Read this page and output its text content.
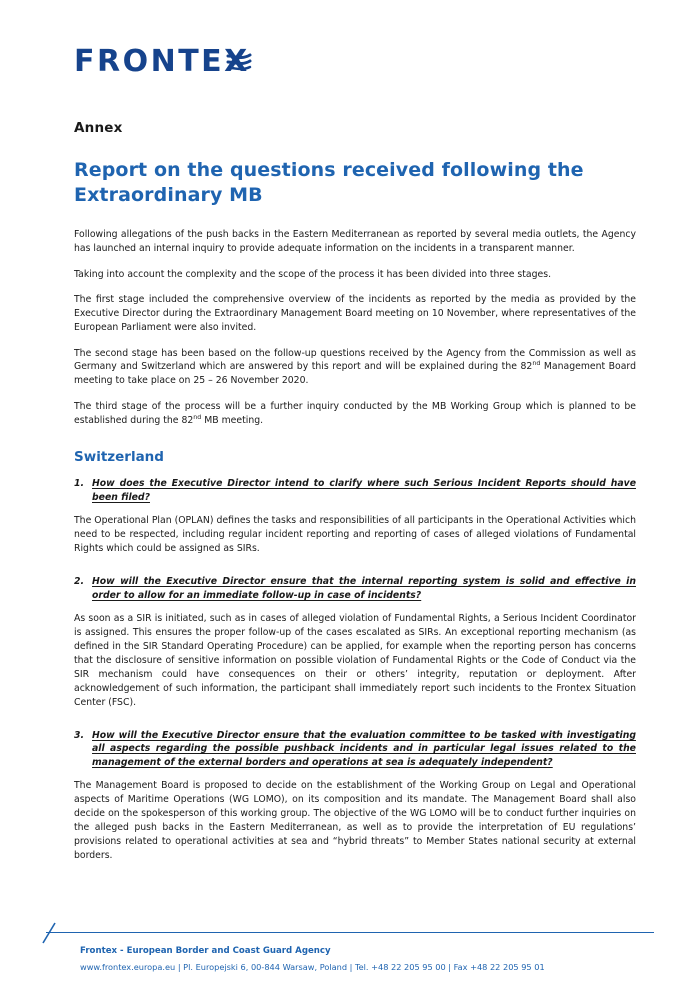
FRONTEX
Annex
Report on the questions received following the Extraordinary MB

Following allegations of the push backs in the Eastern Mediterranean as reported by several media outlets, the Agency has launched an internal inquiry to provide adequate information on the incidents in a transparent manner.

Taking into account the complexity and the scope of the process it has been divided into three stages.

The first stage included the comprehensive overview of the incidents as reported by the media as provided by the Executive Director during the Extraordinary Management Board meeting on 10 November, where representatives of the European Parliament were also invited.

The second stage has been based on the follow-up questions received by the Agency from the Commission as well as Germany and Switzerland which are answered by this report and will be explained during the 82nd Management Board meeting to take place on 25 – 26 November 2020.

The third stage of the process will be a further inquiry conducted by the MB Working Group which is planned to be established during the 82nd MB meeting.

Switzerland
1. How does the Executive Director intend to clarify where such Serious Incident Reports should have been filed?

The Operational Plan (OPLAN) defines the tasks and responsibilities of all participants in the Operational Activities which need to be respected, including regular incident reporting and reporting of cases of alleged violations of Fundamental Rights which could be assigned as SIRs.

2. How will the Executive Director ensure that the internal reporting system is solid and effective in order to allow for an immediate follow-up in case of incidents?

As soon as a SIR is initiated, such as in cases of alleged violation of Fundamental Rights, a Serious Incident Coordinator is assigned. This ensures the proper follow-up of the cases escalated as SIRs. An exceptional reporting mechanism (as defined in the SIR Standard Operating Procedure) can be applied, for example when the reporting person has concerns that the disclosure of sensitive information on possible violation of Fundamental Rights or the Code of Conduct via the SIR mechanism could have consequences on their or others’ integrity, reputation or deployment. After acknowledgement of such information, the participant shall immediately report such incidents to the Frontex Situation Center (FSC).

3. How will the Executive Director ensure that the evaluation committee to be tasked with investigating all aspects regarding the possible pushback incidents and in particular legal issues related to the management of the external borders and operations at sea is adequately independent?

The Management Board is proposed to decide on the establishment of the Working Group on Legal and Operational aspects of Maritime Operations (WG LOMO), on its composition and its mandate. The Management Board shall also decide on the spokesperson of this working group. The objective of the WG LOMO will be to conduct further inquiries on the alleged push backs in the Eastern Mediterranean, as well as to provide the interpretation of EU regulations’ provisions related to operational activities at sea and “hybrid threats” to Member States national security at external borders.

Frontex - European Border and Coast Guard Agency
www.frontex.europa.eu | Pl. Europejski 6, 00-844 Warsaw, Poland | Tel. +48 22 205 95 00 | Fax +48 22 205 95 01
